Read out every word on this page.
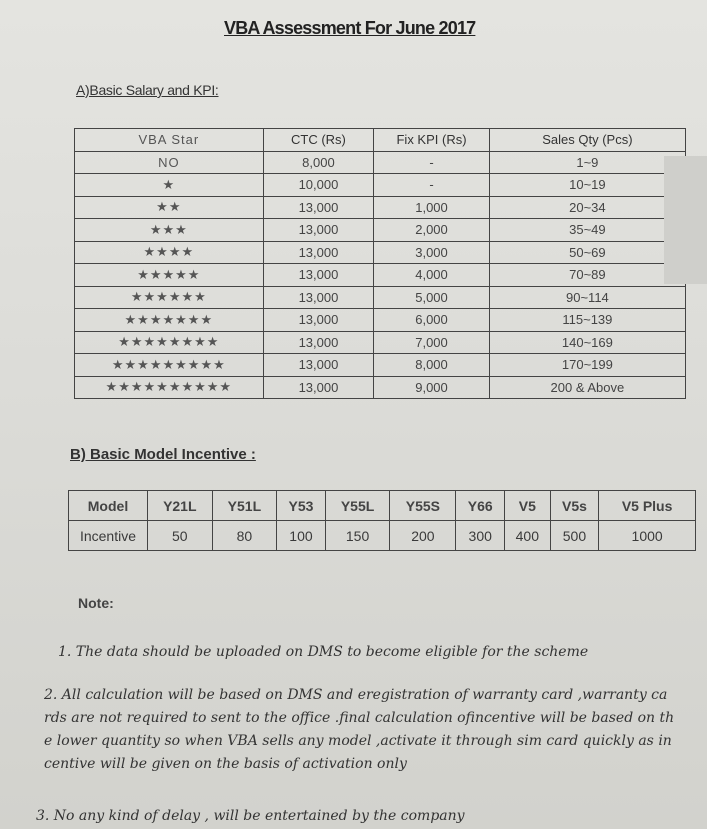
VBA Assessment For June 2017
A)Basic Salary and KPI:
VBA Star	CTC (Rs)	Fix KPI (Rs)	Sales Qty (Pcs)
NO	8,000	-	1~9
★	10,000	-	10~19
★★	13,000	1,000	20~34
★★★	13,000	2,000	35~49
★★★★	13,000	3,000	50~69
★★★★★	13,000	4,000	70~89
★★★★★★	13,000	5,000	90~114
★★★★★★★	13,000	6,000	115~139
★★★★★★★★	13,000	7,000	140~169
★★★★★★★★★	13,000	8,000	170~199
★★★★★★★★★★	13,000	9,000	200 & Above
B) Basic Model Incentive :
Model	Y21L	Y51L	Y53	Y55L	Y55S	Y66	V5	V5s	V5 Plus
Incentive	50	80	100	150	200	300	400	500	1000
Note:
1. The data should be uploaded on DMS to become eligible for the scheme
2. All calculation will be based on DMS and eregistration of warranty card ,warranty ca
rds are not required to sent to the office .final calculation ofincentive will be based on th
e lower quantity so when VBA sells any model ,activate it through sim card quickly as in
centive will be given on the basis of activation only
3. No any kind of delay , will be entertained by the company
